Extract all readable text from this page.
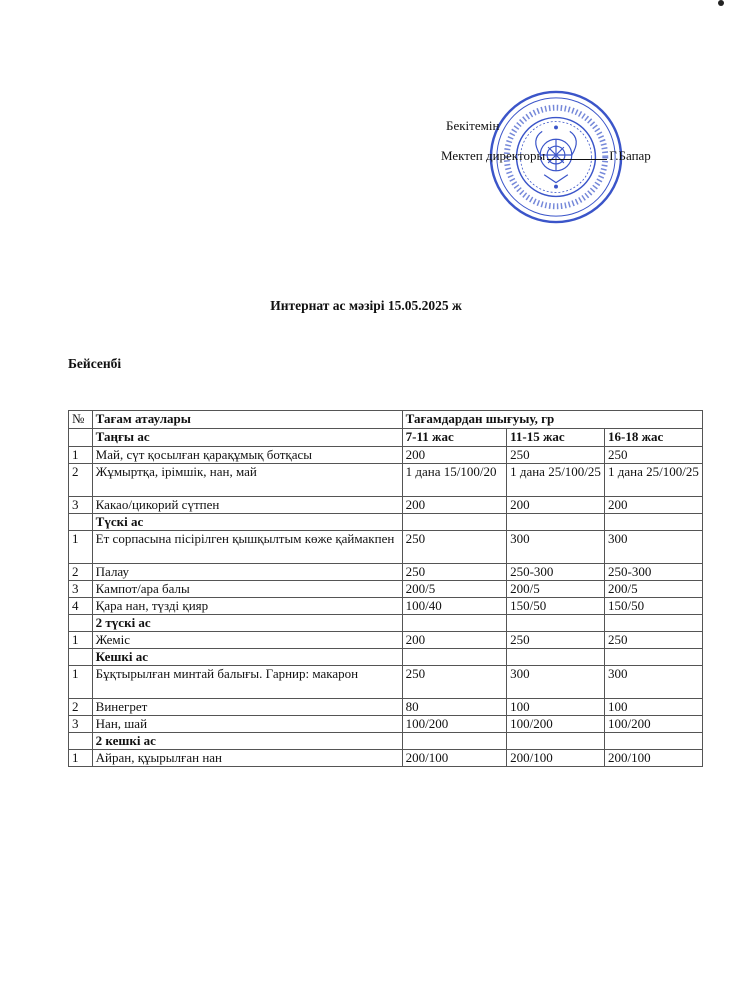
Бекітемін
Мектеп директоры	Г.Бапар
Интернат ас мәзірі 15.05.2025 ж
Бейсенбі
№	Тағам атаулары	Тағамдардан шығуыу, гр		
	Таңғы ас	7-11 жас	11-15 жас	16-18 жас
1	Май, сүт қосылған қарақұмық ботқасы	200	250	250
2	Жұмыртқа, ірімшік, нан, май	1 дана 15/100/20	1 дана 25/100/25	1 дана 25/100/25
3	Какао/цикорий сүтпен	200	200	200
	Түскі ас			
1	Ет сорпасына пісірілген қышқылтым көже қаймакпен	250	300	300
2	Палау	250	250-300	250-300
3	Кампот/ара балы	200/5	200/5	200/5
4	Қара нан, түзді қияр	100/40	150/50	150/50
	2 түскі ас			
1	Жеміс	200	250	250
	Кешкі ас			
1	Бұқтырылған минтай балығы. Гарнир: макарон	250	300	300
2	Винегрет	80	100	100
3	Нан, шай	100/200	100/200	100/200
	2 кешкі ас			
1	Айран, құырылған нан	200/100	200/100	200/100
